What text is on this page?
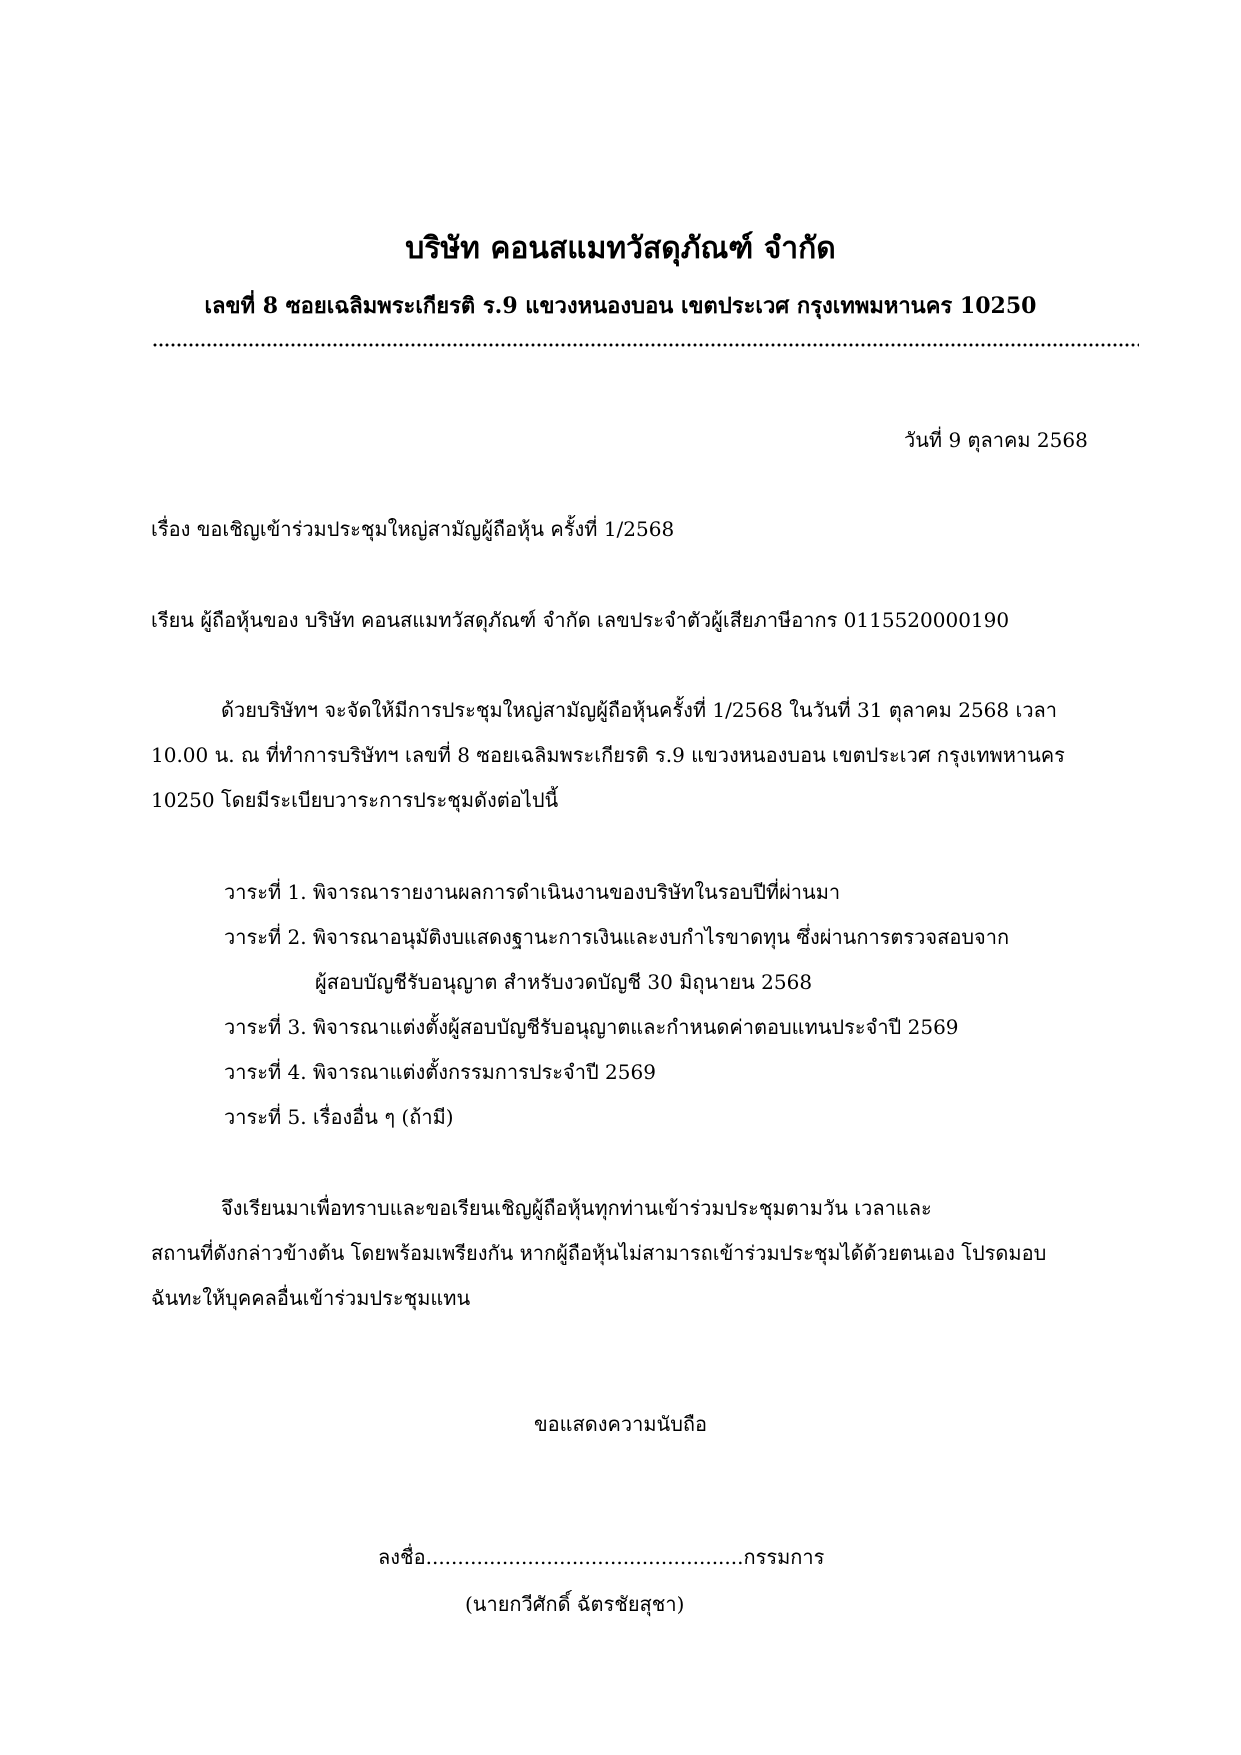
บริษัท คอนสแมทวัสดุภัณฑ์ จำกัด
เลขที่ 8 ซอยเฉลิมพระเกียรติ ร.9 แขวงหนองบอน เขตประเวศ กรุงเทพมหานคร 10250
วันที่ 9 ตุลาคม 2568
เรื่อง ขอเชิญเข้าร่วมประชุมใหญ่สามัญผู้ถือหุ้น ครั้งที่ 1/2568
เรียน ผู้ถือหุ้นของ บริษัท คอนสแมทวัสดุภัณฑ์ จำกัด เลขประจำตัวผู้เสียภาษีอากร 0115520000190
ด้วยบริษัทฯ จะจัดให้มีการประชุมใหญ่สามัญผู้ถือหุ้นครั้งที่ 1/2568 ในวันที่ 31 ตุลาคม 2568 เวลา
10.00 น. ณ ที่ทำการบริษัทฯ เลขที่ 8 ซอยเฉลิมพระเกียรติ ร.9 แขวงหนองบอน เขตประเวศ กรุงเทพหานคร
10250 โดยมีระเบียบวาระการประชุมดังต่อไปนี้
วาระที่ 1. พิจารณารายงานผลการดำเนินงานของบริษัทในรอบปีที่ผ่านมา
วาระที่ 2. พิจารณาอนุมัติงบแสดงฐานะการเงินและงบกำไรขาดทุน ซึ่งผ่านการตรวจสอบจาก
ผู้สอบบัญชีรับอนุญาต สำหรับงวดบัญชี 30 มิถุนายน 2568
วาระที่ 3. พิจารณาแต่งตั้งผู้สอบบัญชีรับอนุญาตและกำหนดค่าตอบแทนประจำปี 2569
วาระที่ 4. พิจารณาแต่งตั้งกรรมการประจำปี 2569
วาระที่ 5. เรื่องอื่น ๆ (ถ้ามี)
จึงเรียนมาเพื่อทราบและขอเรียนเชิญผู้ถือหุ้นทุกท่านเข้าร่วมประชุมตามวัน เวลาและ
สถานที่ดังกล่าวข้างต้น โดยพร้อมเพรียงกัน หากผู้ถือหุ้นไม่สามารถเข้าร่วมประชุมได้ด้วยตนเอง โปรดมอบ
ฉันทะให้บุคคลอื่นเข้าร่วมประชุมแทน
ขอแสดงความนับถือ
ลงชื่อ..................................................กรรมการ
(นายกวีศักดิ์ ฉัตรชัยสุชา)
